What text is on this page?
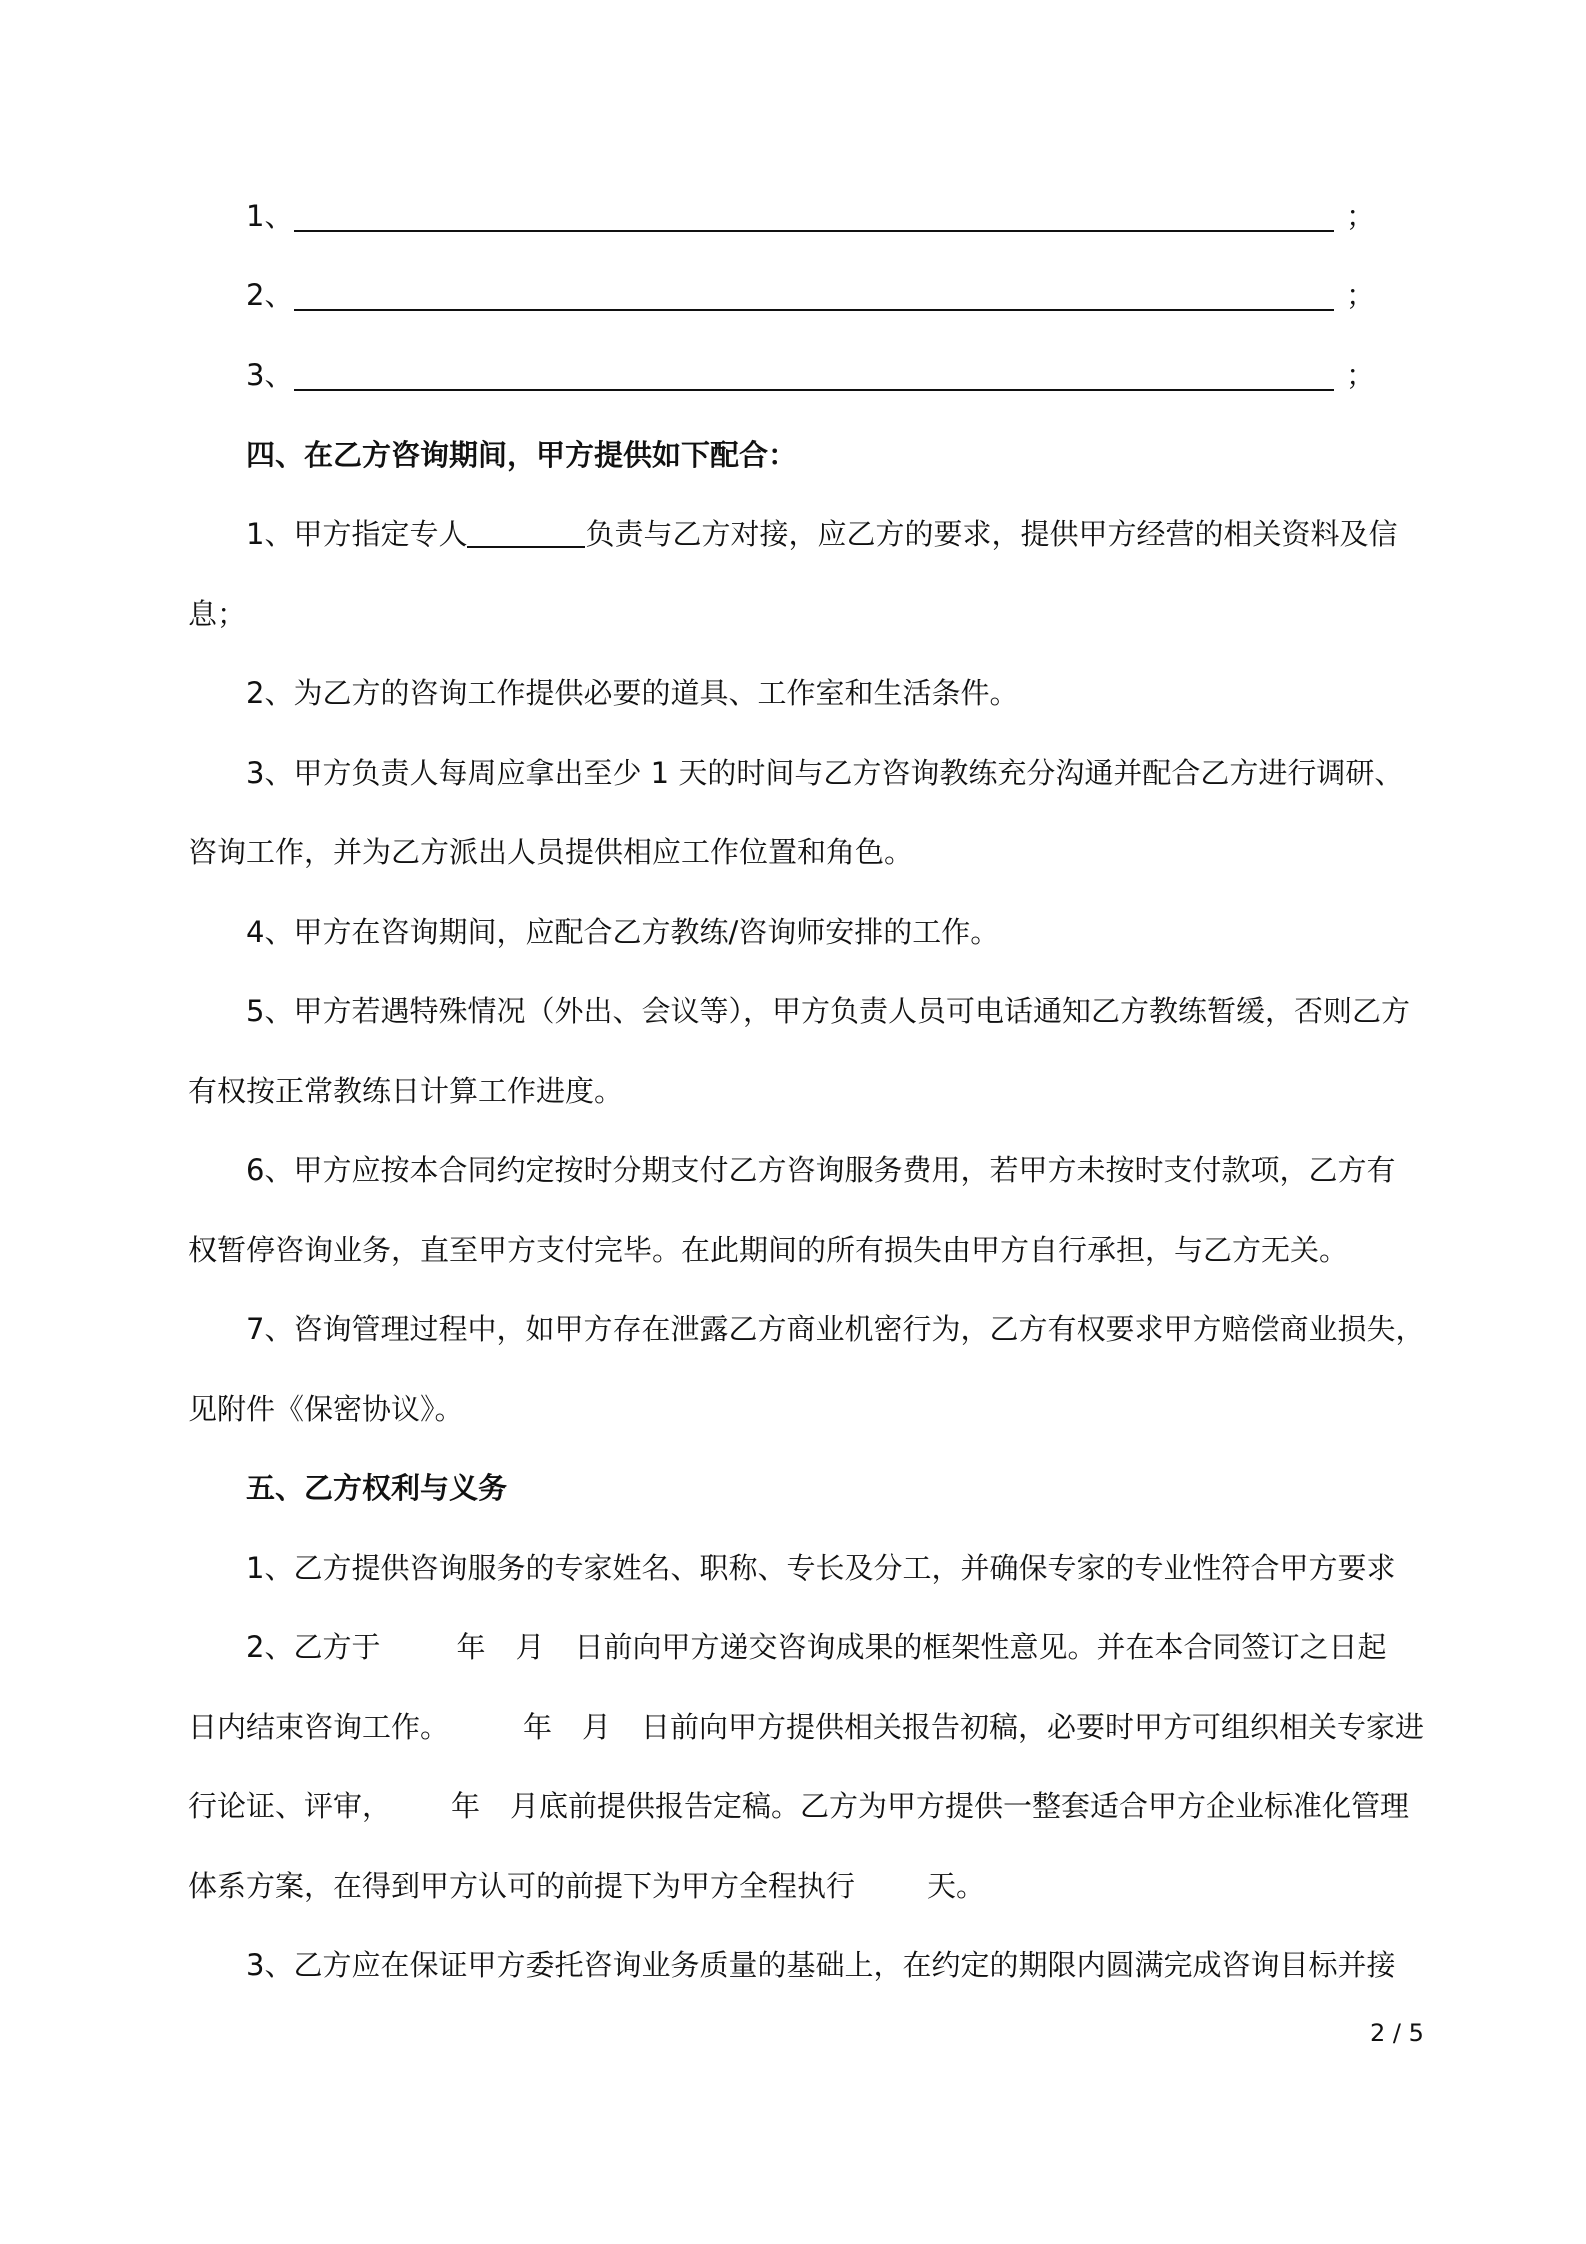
1、	；
2、	；
3、	；
四、在乙方咨询期间，甲方提供如下配合：
1、甲方指定专人	负责与乙方对接，应乙方的要求，提供甲方经营的相关资料及信
息；
2、为乙方的咨询工作提供必要的道具、工作室和生活条件。
3、甲方负责人每周应拿出至少 1 天的时间与乙方咨询教练充分沟通并配合乙方进行调研、
咨询工作，并为乙方派出人员提供相应工作位置和角色。
4、甲方在咨询期间，应配合乙方教练/咨询师安排的工作。
5、甲方若遇特殊情况（外出、会议等），甲方负责人员可电话通知乙方教练暂缓，否则乙方
有权按正常教练日计算工作进度。
6、甲方应按本合同约定按时分期支付乙方咨询服务费用，若甲方未按时支付款项，乙方有
权暂停咨询业务，直至甲方支付完毕。在此期间的所有损失由甲方自行承担，与乙方无关。
7、咨询管理过程中，如甲方存在泄露乙方商业机密行为，乙方有权要求甲方赔偿商业损失，
见附件《保密协议》。
五、乙方权利与义务
1、乙方提供咨询服务的专家姓名、职称、专长及分工，并确保专家的专业性符合甲方要求
2、乙方于	年 月 日前向甲方递交咨询成果的框架性意见。并在本合同签订之日起
日内结束咨询工作。	年 月 日前向甲方提供相关报告初稿，必要时甲方可组织相关专家进
行论证、评审， 年 月底前提供报告定稿。乙方为甲方提供一整套适合甲方企业标准化管理
体系方案，在得到甲方认可的前提下为甲方全程执行 天。
3、乙方应在保证甲方委托咨询业务质量的基础上，在约定的期限内圆满完成咨询目标并接
2 / 5
